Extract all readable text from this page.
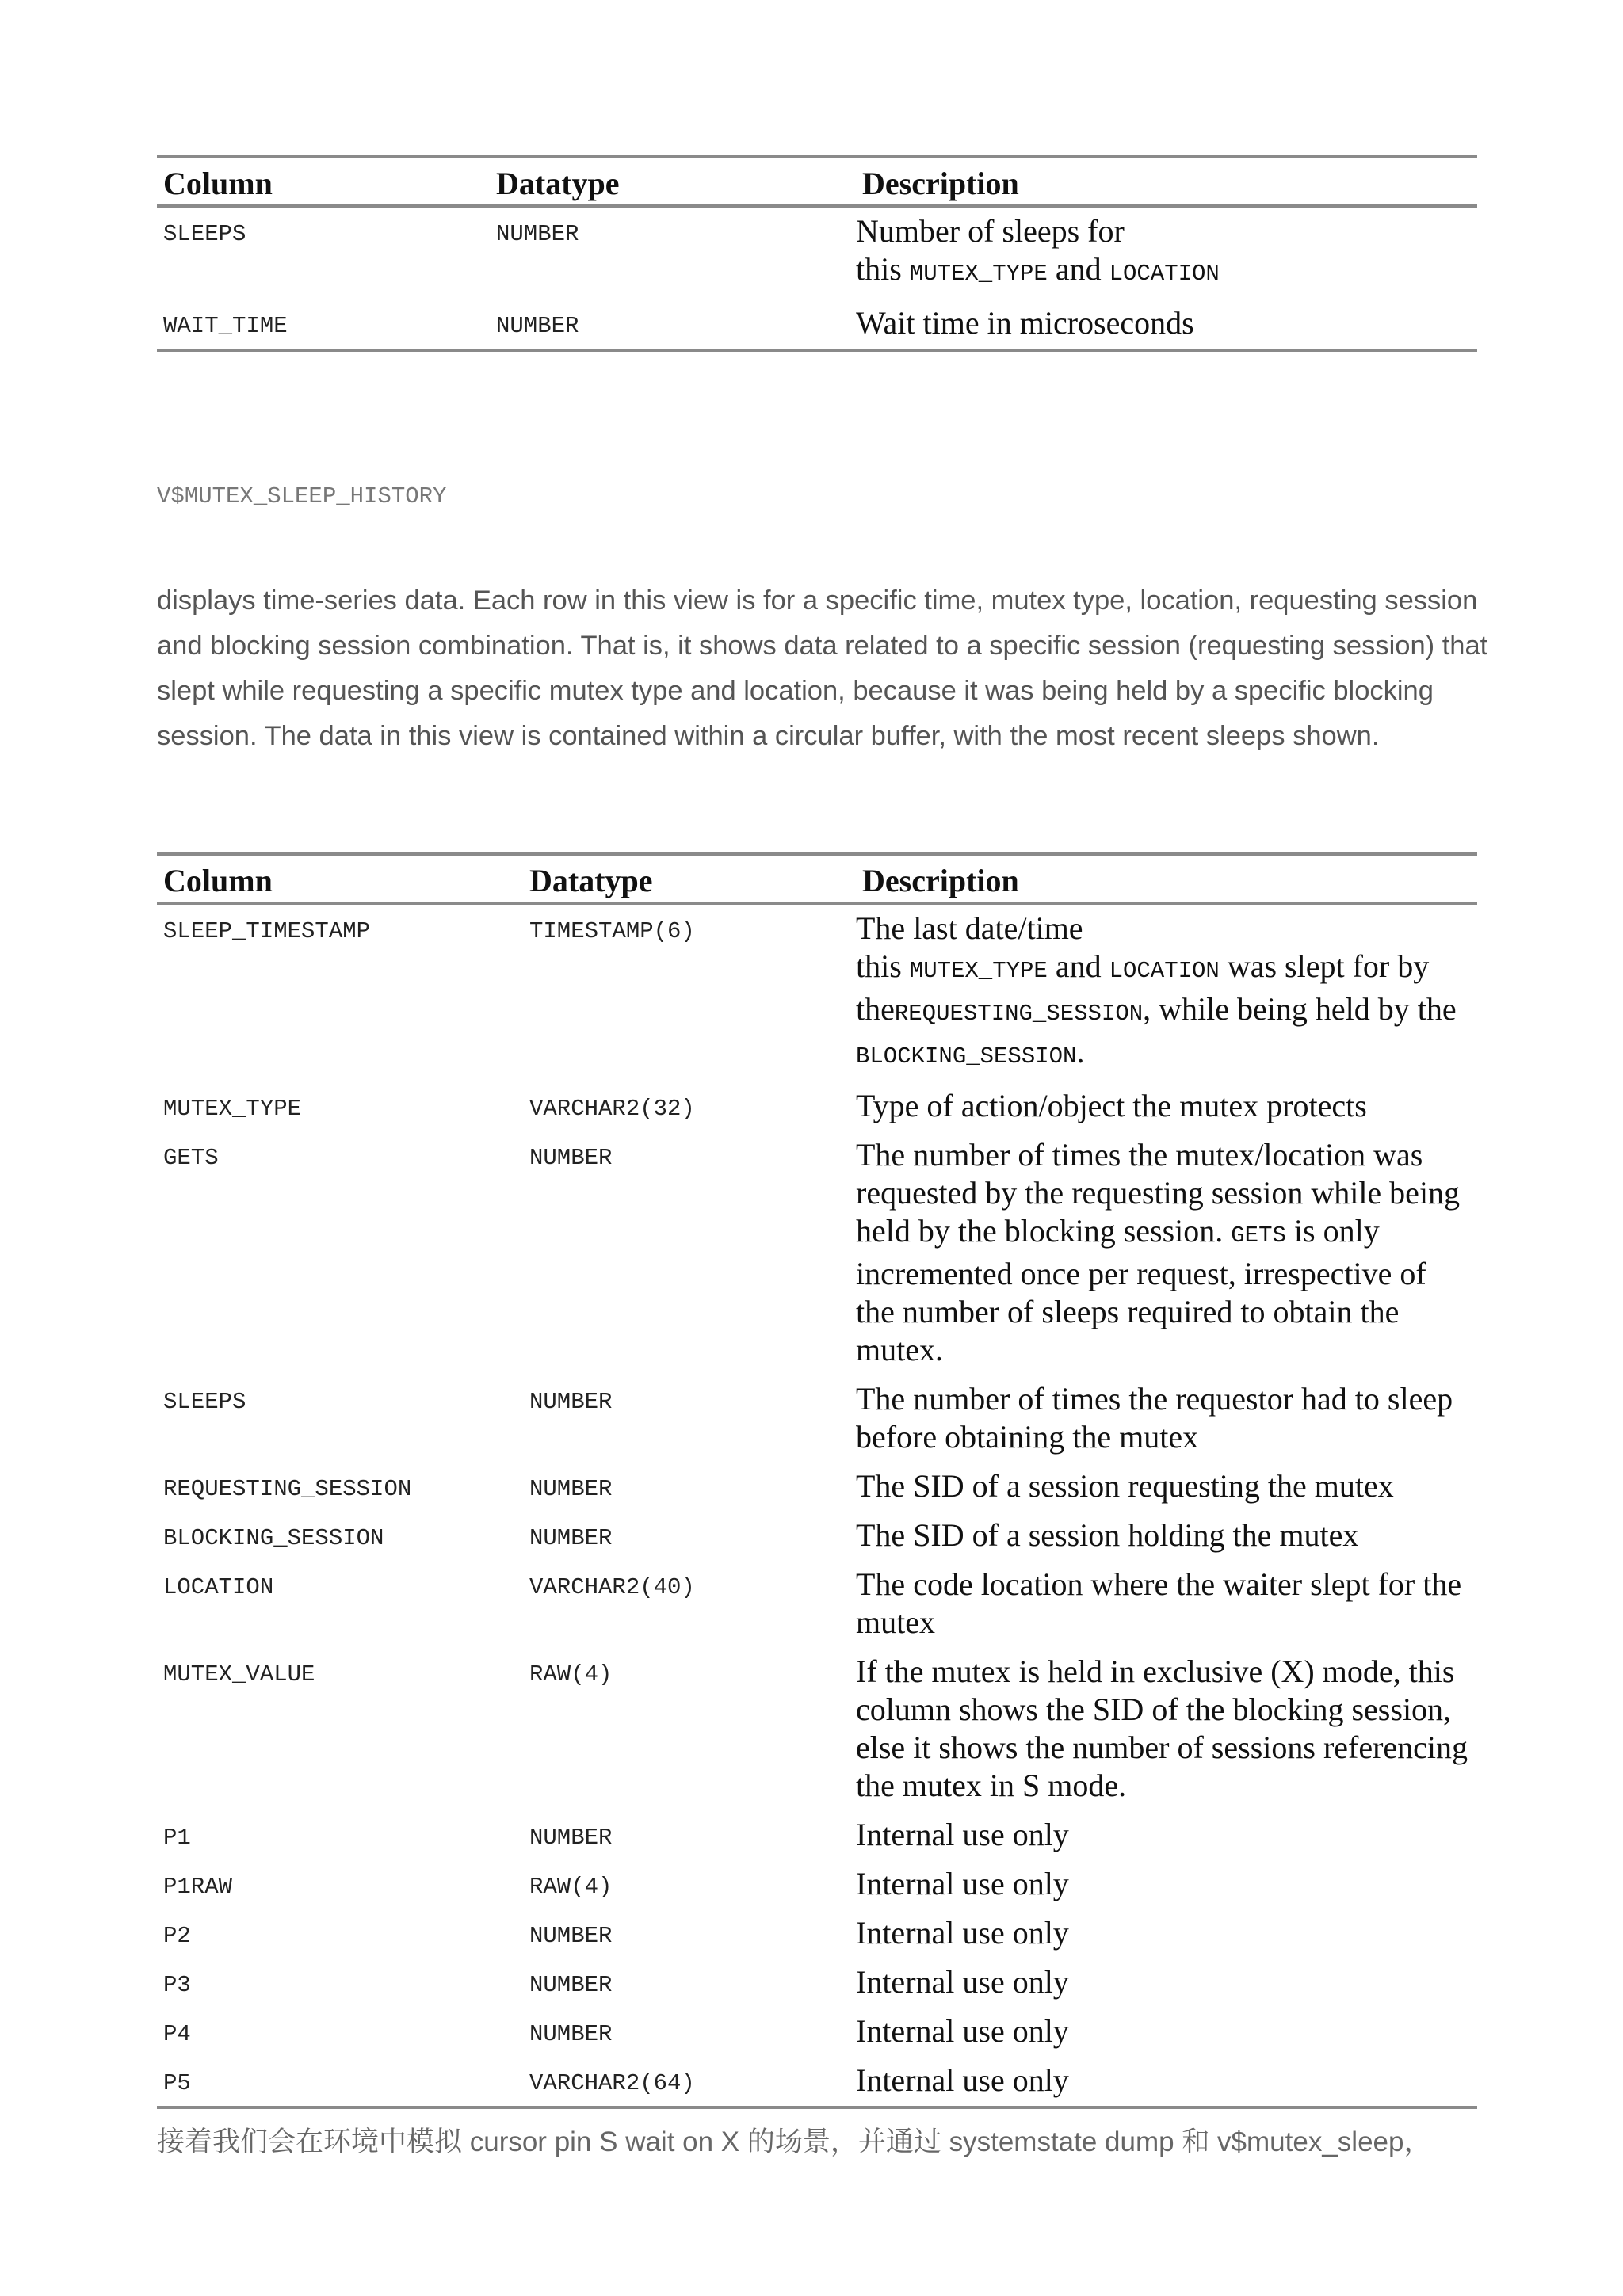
Column	Datatype	Description
SLEEPS	NUMBER	Number of sleeps for
this MUTEX_TYPE and LOCATION
WAIT_TIME	NUMBER	Wait time in microseconds
V$MUTEX_SLEEP_HISTORY
displays time-series data. Each row in this view is for a specific time, mutex type, location, requesting session and blocking session combination. That is, it shows data related to a specific session (requesting session) that slept while requesting a specific mutex type and location, because it was being held by a specific blocking session. The data in this view is contained within a circular buffer, with the most recent sleeps shown.
Column	Datatype	Description
SLEEP_TIMESTAMP	TIMESTAMP(6)	The last date/time
this MUTEX_TYPE and LOCATION was slept for by theREQUESTING_SESSION, while being held by the BLOCKING_SESSION.
MUTEX_TYPE	VARCHAR2(32)	Type of action/object the mutex protects
GETS	NUMBER	The number of times the mutex/location was requested by the requesting session while being held by the blocking session. GETS is only incremented once per request, irrespective of the number of sleeps required to obtain the mutex.
SLEEPS	NUMBER	The number of times the requestor had to sleep before obtaining the mutex
REQUESTING_SESSION	NUMBER	The SID of a session requesting the mutex
BLOCKING_SESSION	NUMBER	The SID of a session holding the mutex
LOCATION	VARCHAR2(40)	The code location where the waiter slept for the mutex
MUTEX_VALUE	RAW(4)	If the mutex is held in exclusive (X) mode, this column shows the SID of the blocking session, else it shows the number of sessions referencing the mutex in S mode.
P1	NUMBER	Internal use only
P1RAW	RAW(4)	Internal use only
P2	NUMBER	Internal use only
P3	NUMBER	Internal use only
P4	NUMBER	Internal use only
P5	VARCHAR2(64)	Internal use only
接着我们会在环境中模拟 cursor pin S wait on X 的场景，并通过 systemstate dump 和 v$mutex_sleep，
